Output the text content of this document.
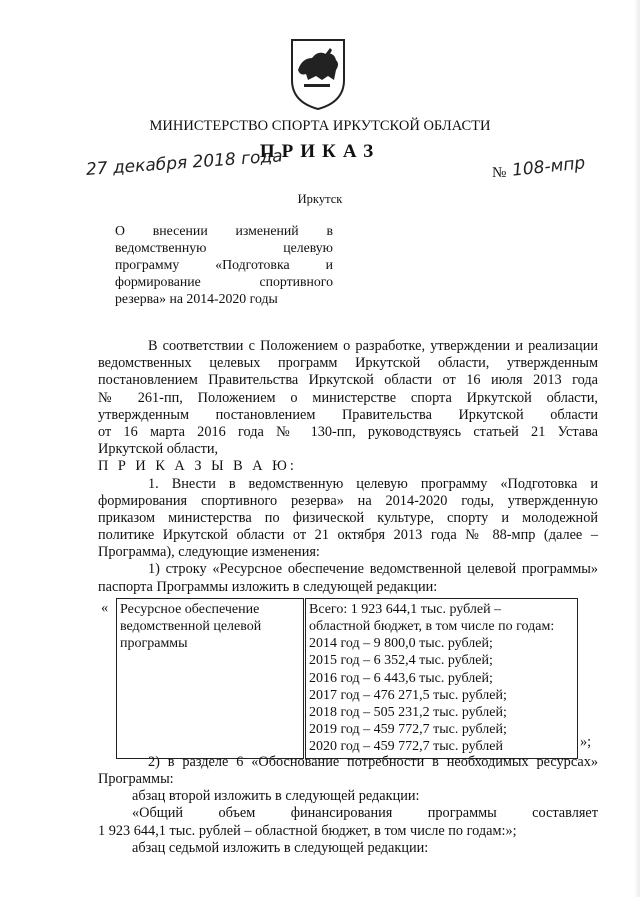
МИНИСТЕРСТВО СПОРТА ИРКУТСКОЙ ОБЛАСТИ
ПРИКАЗ
27 декабря 2018 года	№ 108-мпр
Иркутск
О внесении изменений в
ведомственную целевую
программу «Подготовка и
формирование спортивного
резерва» на 2014-2020 годы
В соответствии с Положением о разработке, утверждении и реализации
ведомственных целевых программ Иркутской области, утвержденным
постановлением Правительства Иркутской области от 16 июля 2013 года
№ 261-пп, Положением о министерстве спорта Иркутской области,
утвержденным постановлением Правительства Иркутской области
от 16 марта 2016 года № 130-пп, руководствуясь статьей 21 Устава
Иркутской области,
П Р И К А З Ы В А Ю:
1. Внести в ведомственную целевую программу «Подготовка и
формирования спортивного резерва» на 2014-2020 годы, утвержденную
приказом министерства по физической культуре, спорту и молодежной
политике Иркутской области от 21 октября 2013 года № 88-мпр (далее –
Программа), следующие изменения:
1) строку «Ресурсное обеспечение ведомственной целевой программы»
паспорта Программы изложить в следующей редакции:
« Ресурсное обеспечение
ведомственной целевой
программы

Всего: 1 923 644,1 тыс. рублей –
областной бюджет, в том числе по годам:
2014 год – 9 800,0 тыс. рублей;
2015 год – 6 352,4 тыс. рублей;
2016 год – 6 443,6 тыс. рублей;
2017 год – 476 271,5 тыс. рублей;
2018 год – 505 231,2 тыс. рублей;
2019 год – 459 772,7 тыс. рублей;
2020 год – 459 772,7 тыс. рублей	»;
2) в разделе 6 «Обоснование потребности в необходимых ресурсах»
Программы:
абзац второй изложить в следующей редакции:
«Общий объем финансирования программы составляет
1 923 644,1 тыс. рублей – областной бюджет, в том числе по годам:»;
абзац седьмой изложить в следующей редакции:
